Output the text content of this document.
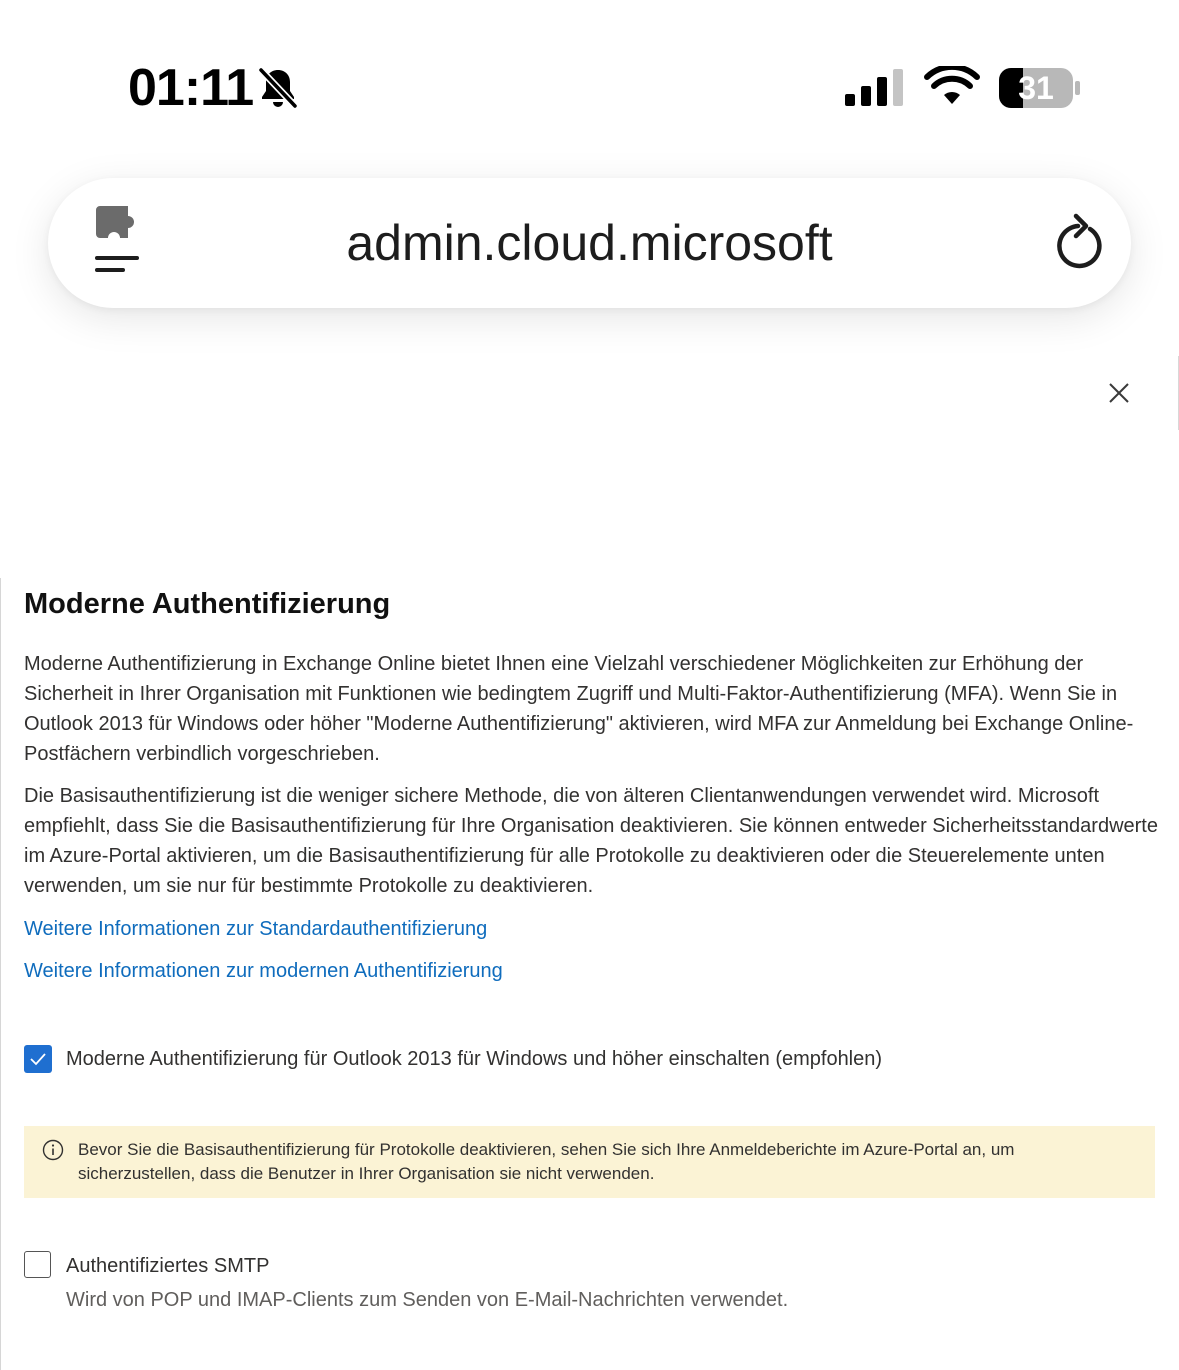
01:11	31
admin.cloud.microsoft
Moderne Authentifizierung

Moderne Authentifizierung in Exchange Online bietet Ihnen eine Vielzahl verschiedener Möglichkeiten zur Erhöhung der Sicherheit in Ihrer Organisation mit Funktionen wie bedingtem Zugriff und Multi-Faktor-Authentifizierung (MFA). Wenn Sie in Outlook 2013 für Windows oder höher "Moderne Authentifizierung" aktivieren, wird MFA zur Anmeldung bei Exchange Online-Postfächern verbindlich vorgeschrieben.

Die Basisauthentifizierung ist die weniger sichere Methode, die von älteren Clientanwendungen verwendet wird. Microsoft empfiehlt, dass Sie die Basisauthentifizierung für Ihre Organisation deaktivieren. Sie können entweder Sicherheitsstandardwerte im Azure-Portal aktivieren, um die Basisauthentifizierung für alle Protokolle zu deaktivieren oder die Steuerelemente unten verwenden, um sie nur für bestimmte Protokolle zu deaktivieren.

Weitere Informationen zur Standardauthentifizierung
Weitere Informationen zur modernen Authentifizierung
Moderne Authentifizierung für Outlook 2013 für Windows und höher einschalten (empfohlen)
Bevor Sie die Basisauthentifizierung für Protokolle deaktivieren, sehen Sie sich Ihre Anmeldeberichte im Azure-Portal an, um sicherzustellen, dass die Benutzer in Ihrer Organisation sie nicht verwenden.
Authentifiziertes SMTP
Wird von POP und IMAP-Clients zum Senden von E-Mail-Nachrichten verwendet.
